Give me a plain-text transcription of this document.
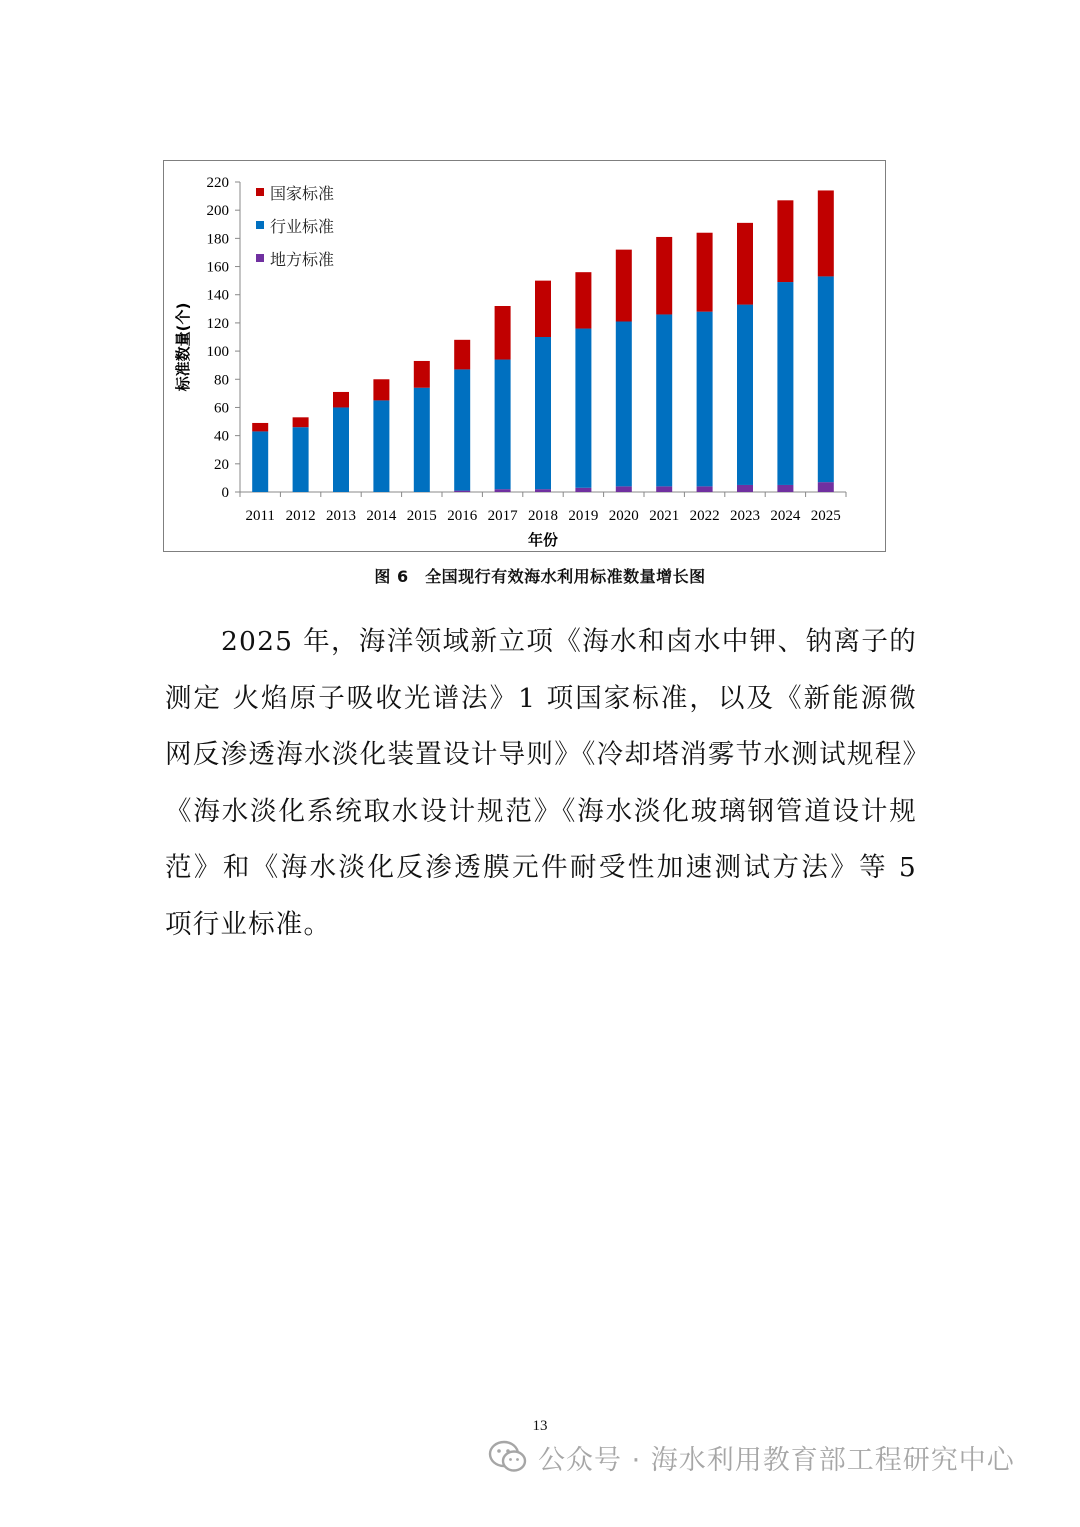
0
20
40
60
80
100
120
140
160
180
200
220
2011 2012 2013 2014 2015 2016 2017 2018 2019 2020 2021 2022 2023 2024 2025
年份
标准数量(个)
国家标准
行业标准
地方标准
图 6　全国现行有效海水利用标准数量增长图

2025 年，海洋领域新立项《海水和卤水中钾、钠离子的测定 火焰原子吸收光谱法》1 项国家标准，以及《新能源微网反渗透海水淡化装置设计导则》《冷却塔消雾节水测试规程》《海水淡化系统取水设计规范》《海水淡化玻璃钢管道设计规范》和《海水淡化反渗透膜元件耐受性加速测试方法》等 5 项行业标准。

13
公众号 · 海水利用教育部工程研究中心
